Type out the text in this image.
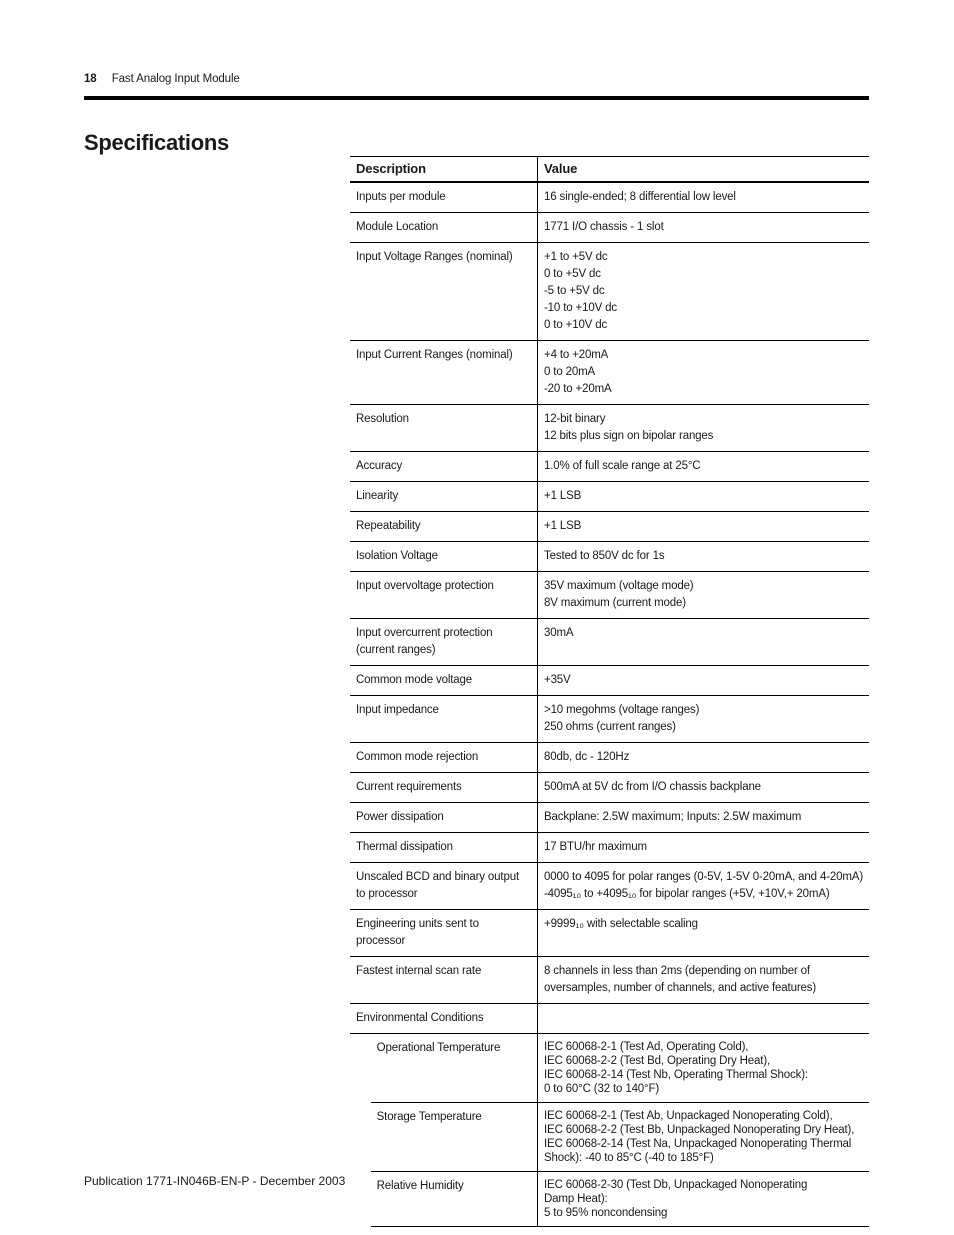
18 Fast Analog Input Module
Specifications
Description		Value
Inputs per module		16 single-ended; 8 differential low level

Module Location		1771 I/O chassis - 1 slot

Input Voltage Ranges (nominal)		+1 to +5V dc
0 to +5V dc
-5 to +5V dc
-10 to +10V dc
0 to +10V dc

Input Current Ranges (nominal)		+4 to +20mA
0 to 20mA
-20 to +20mA

Resolution		12-bit binary
12 bits plus sign on bipolar ranges

Accuracy		1.0% of full scale range at 25°C

Linearity		+1 LSB

Repeatability		+1 LSB

Isolation Voltage		Tested to 850V dc for 1s

Input overvoltage protection		35V maximum (voltage mode)
8V maximum (current mode)

Input overcurrent protection (current ranges)		30mA

Common mode voltage		+35V

Input impedance		>10 megohms (voltage ranges)
250 ohms (current ranges)

Common mode rejection		80db, dc - 120Hz

Current requirements		500mA at 5V dc from I/O chassis backplane

Power dissipation		Backplane: 2.5W maximum; Inputs: 2.5W maximum

Thermal dissipation		17 BTU/hr maximum

Unscaled BCD and binary output to processor		0000 to 4095 for polar ranges (0-5V, 1-5V 0-20mA, and 4-20mA)
-4095₁₀ to +4095₁₀ for bipolar ranges (+5V, +10V,+ 20mA)

Engineering units sent to processor		+9999₁₀ with selectable scaling

Fastest internal scan rate		8 channels in less than 2ms (depending on number of oversamples, number of channels, and active features)

Environmental Conditions		

	Operational Temperature	IEC 60068-2-1 (Test Ad, Operating Cold),
IEC 60068-2-2 (Test Bd, Operating Dry Heat),
IEC 60068-2-14 (Test Nb, Operating Thermal Shock):
0 to 60°C (32 to 140°F)

	Storage Temperature	IEC 60068-2-1 (Test Ab, Unpackaged Nonoperating Cold),
IEC 60068-2-2 (Test Bb, Unpackaged Nonoperating Dry Heat),
IEC 60068-2-14 (Test Na, Unpackaged Nonoperating Thermal
Shock): -40 to 85°C (-40 to 185°F)

	Relative Humidity	IEC 60068-2-30 (Test Db, Unpackaged Nonoperating
Damp Heat):
5 to 95% noncondensing
Publication 1771-IN046B-EN-P - December 2003
